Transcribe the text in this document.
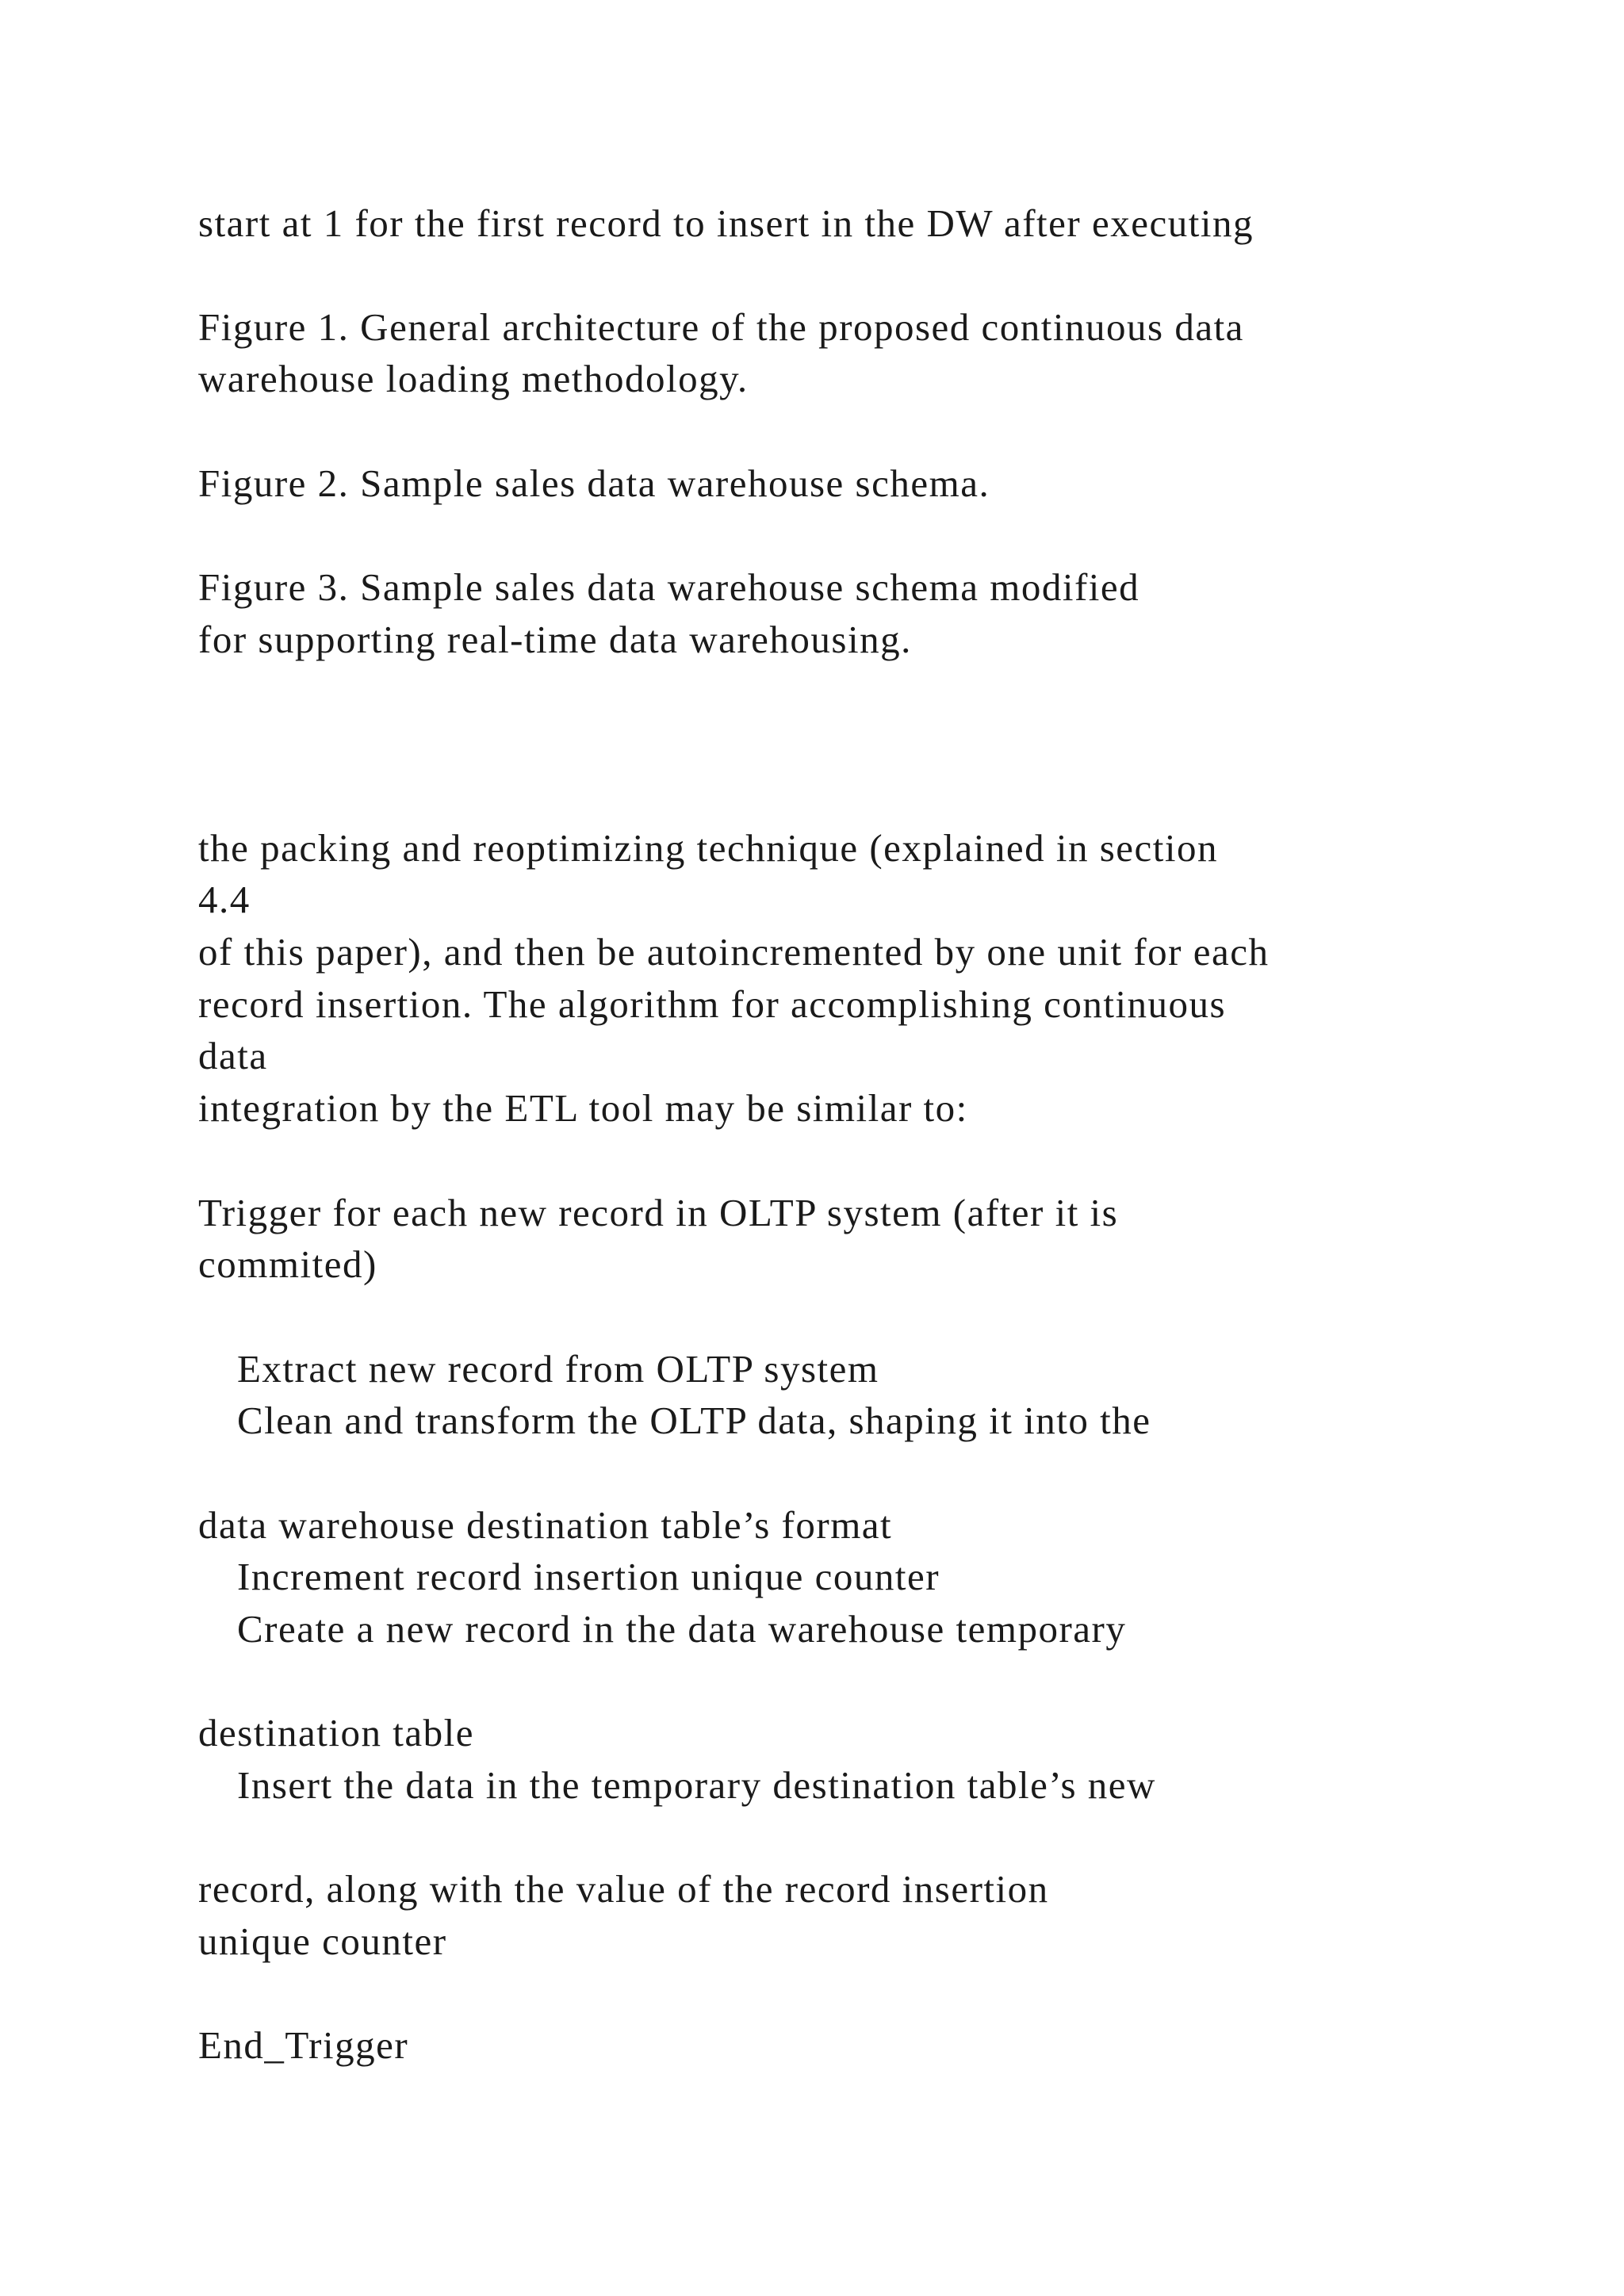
start at 1 for the first record to insert in the DW after executing

Figure 1. General architecture of the proposed continuous data

warehouse loading methodology.

Figure 2. Sample sales data warehouse schema.

Figure 3. Sample sales data warehouse schema modified

for supporting real-time data warehousing.

the packing and reoptimizing technique (explained in section

4.4

of this paper), and then be autoincremented by one unit for each

record insertion. The algorithm for accomplishing continuous

data

integration by the ETL tool may be similar to:

Trigger for each new record in OLTP system (after it is

commited)

Extract new record from OLTP system

Clean and transform the OLTP data, shaping it into the

data warehouse destination table’s format

Increment record insertion unique counter

Create a new record in the data warehouse temporary

destination table

Insert the data in the temporary destination table’s new

record, along with the value of the record insertion

unique counter

End_Trigger
